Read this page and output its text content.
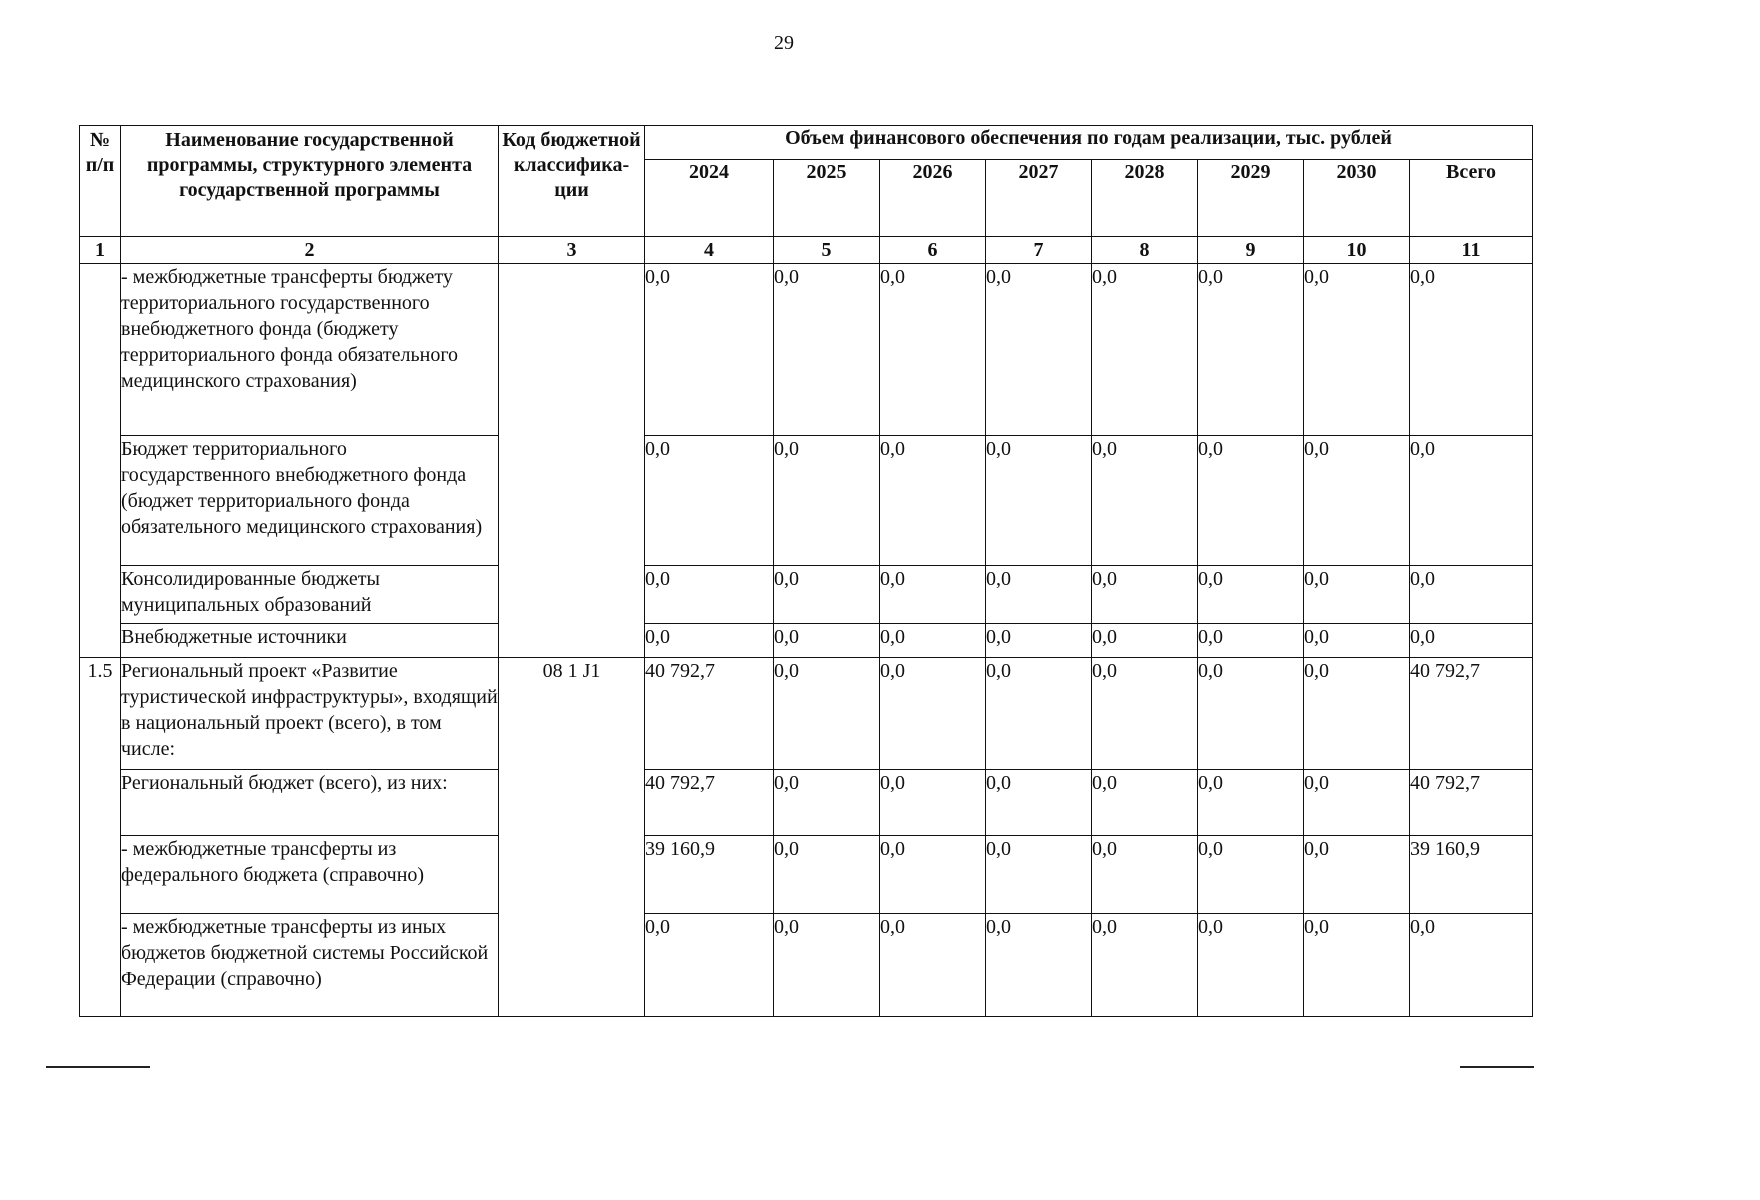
29
№ п/п	Наименование государственной программы, структурного элемента государственной программы	Код бюджетной классифика-ции	Объем финансового обеспечения по годам реализации, тыс. рублей							
			2024	2025	2026	2027	2028	2029	2030	Всего
1	2	3	4	5	6	7	8	9	10	11
	- межбюджетные трансферты бюджету территориального государственного внебюджетного фонда (бюджету территориального фонда обязательного медицинского страхования)		0,0	0,0	0,0	0,0	0,0	0,0	0,0	0,0
	Бюджет территориального государственного внебюджетного фонда (бюджет территориального фонда обязательного медицинского страхования)		0,0	0,0	0,0	0,0	0,0	0,0	0,0	0,0
	Консолидированные бюджеты муниципальных образований		0,0	0,0	0,0	0,0	0,0	0,0	0,0	0,0
	Внебюджетные источники		0,0	0,0	0,0	0,0	0,0	0,0	0,0	0,0
1.5	Региональный проект «Развитие туристической инфраструктуры», входящий в национальный проект (всего), в том числе:	08 1 J1	40 792,7	0,0	0,0	0,0	0,0	0,0	0,0	40 792,7
	Региональный бюджет (всего), из них:		40 792,7	0,0	0,0	0,0	0,0	0,0	0,0	40 792,7
	- межбюджетные трансферты из федерального бюджета (справочно)		39 160,9	0,0	0,0	0,0	0,0	0,0	0,0	39 160,9
	- межбюджетные трансферты из иных бюджетов бюджетной системы Российской Федерации (справочно)		0,0	0,0	0,0	0,0	0,0	0,0	0,0	0,0
